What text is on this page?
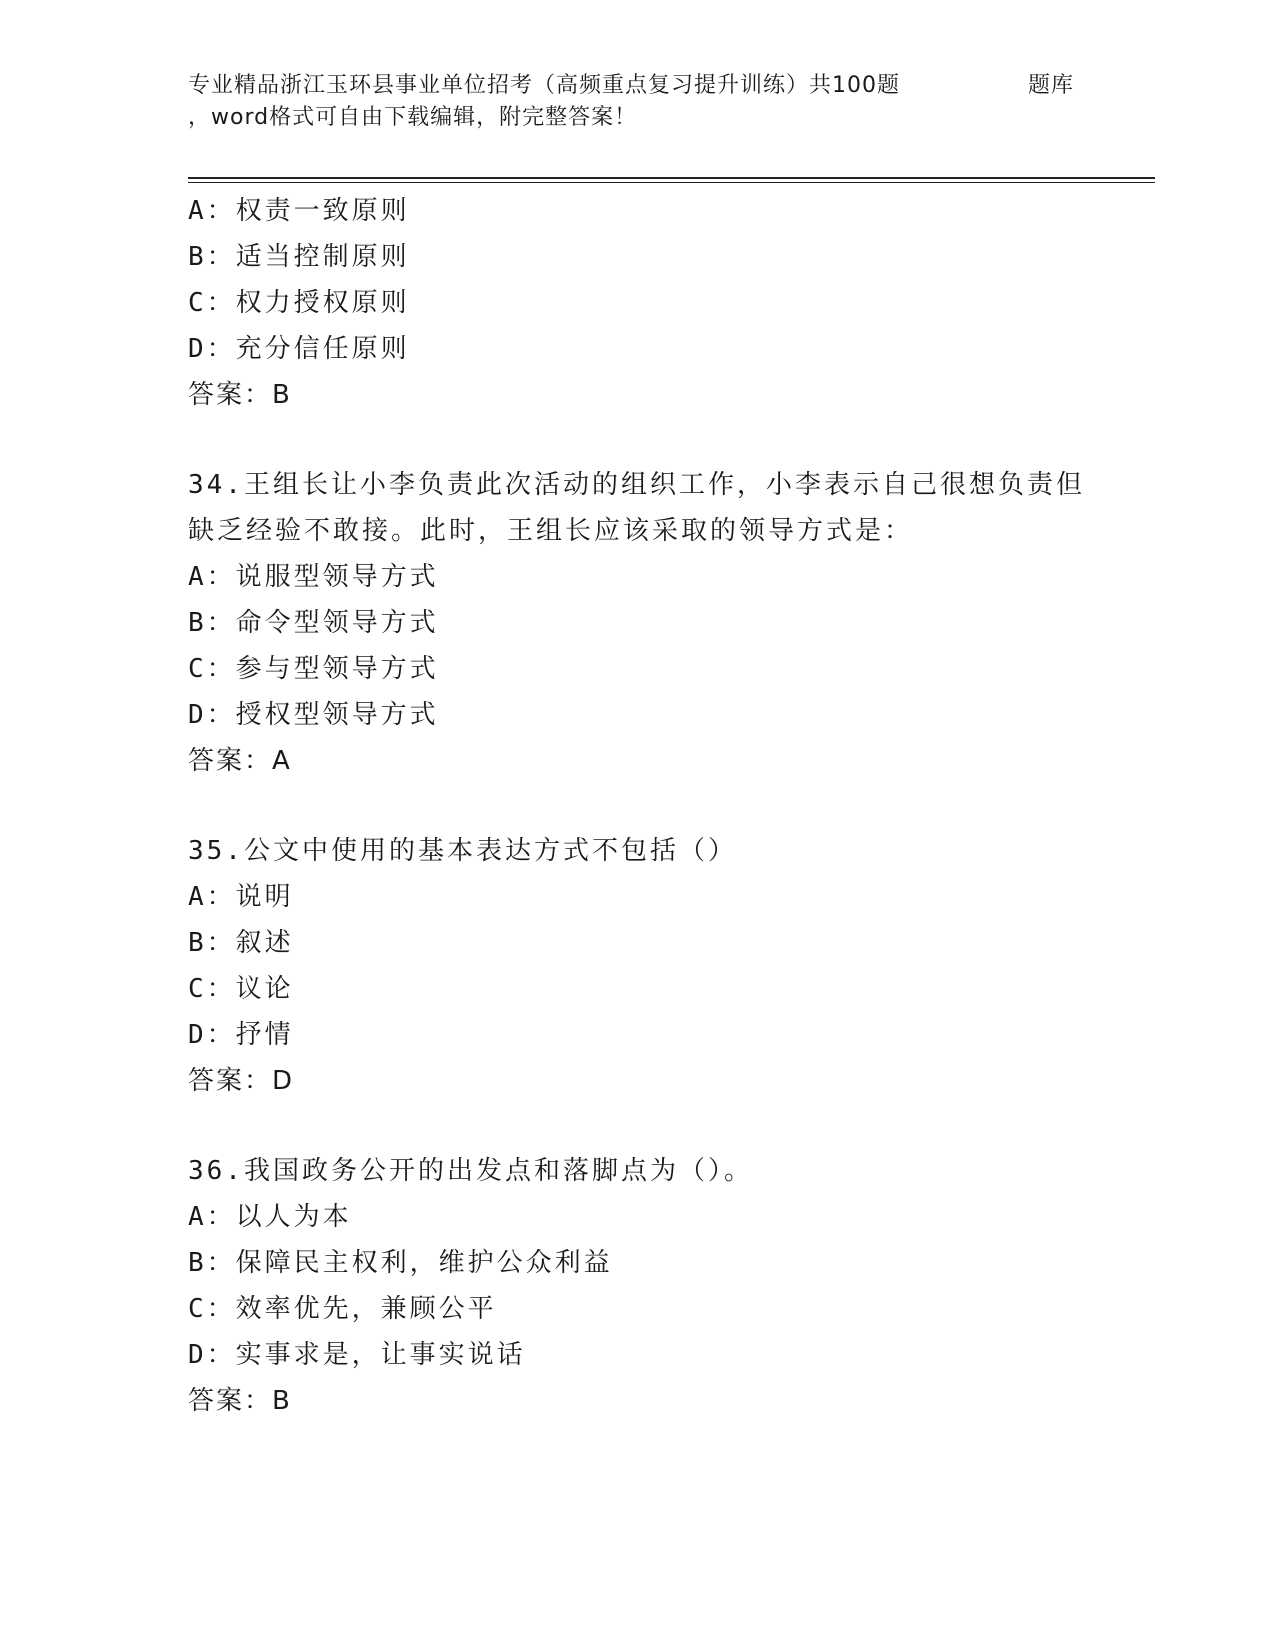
专业精品浙江玉环县事业单位招考（高频重点复习提升训练）共100题	题库
，word格式可自由下载编辑，附完整答案！
A：权责一致原则
B：适当控制原则
C：权力授权原则
D：充分信任原则
答案：B
34.王组长让小李负责此次活动的组织工作，小李表示自己很想负责但
缺乏经验不敢接。此时，王组长应该采取的领导方式是：
A：说服型领导方式
B：命令型领导方式
C：参与型领导方式
D：授权型领导方式
答案：A
35.公文中使用的基本表达方式不包括（）
A：说明
B：叙述
C：议论
D：抒情
答案：D
36.我国政务公开的出发点和落脚点为（）。
A：以人为本
B：保障民主权利，维护公众利益
C：效率优先，兼顾公平
D：实事求是，让事实说话
答案：B
